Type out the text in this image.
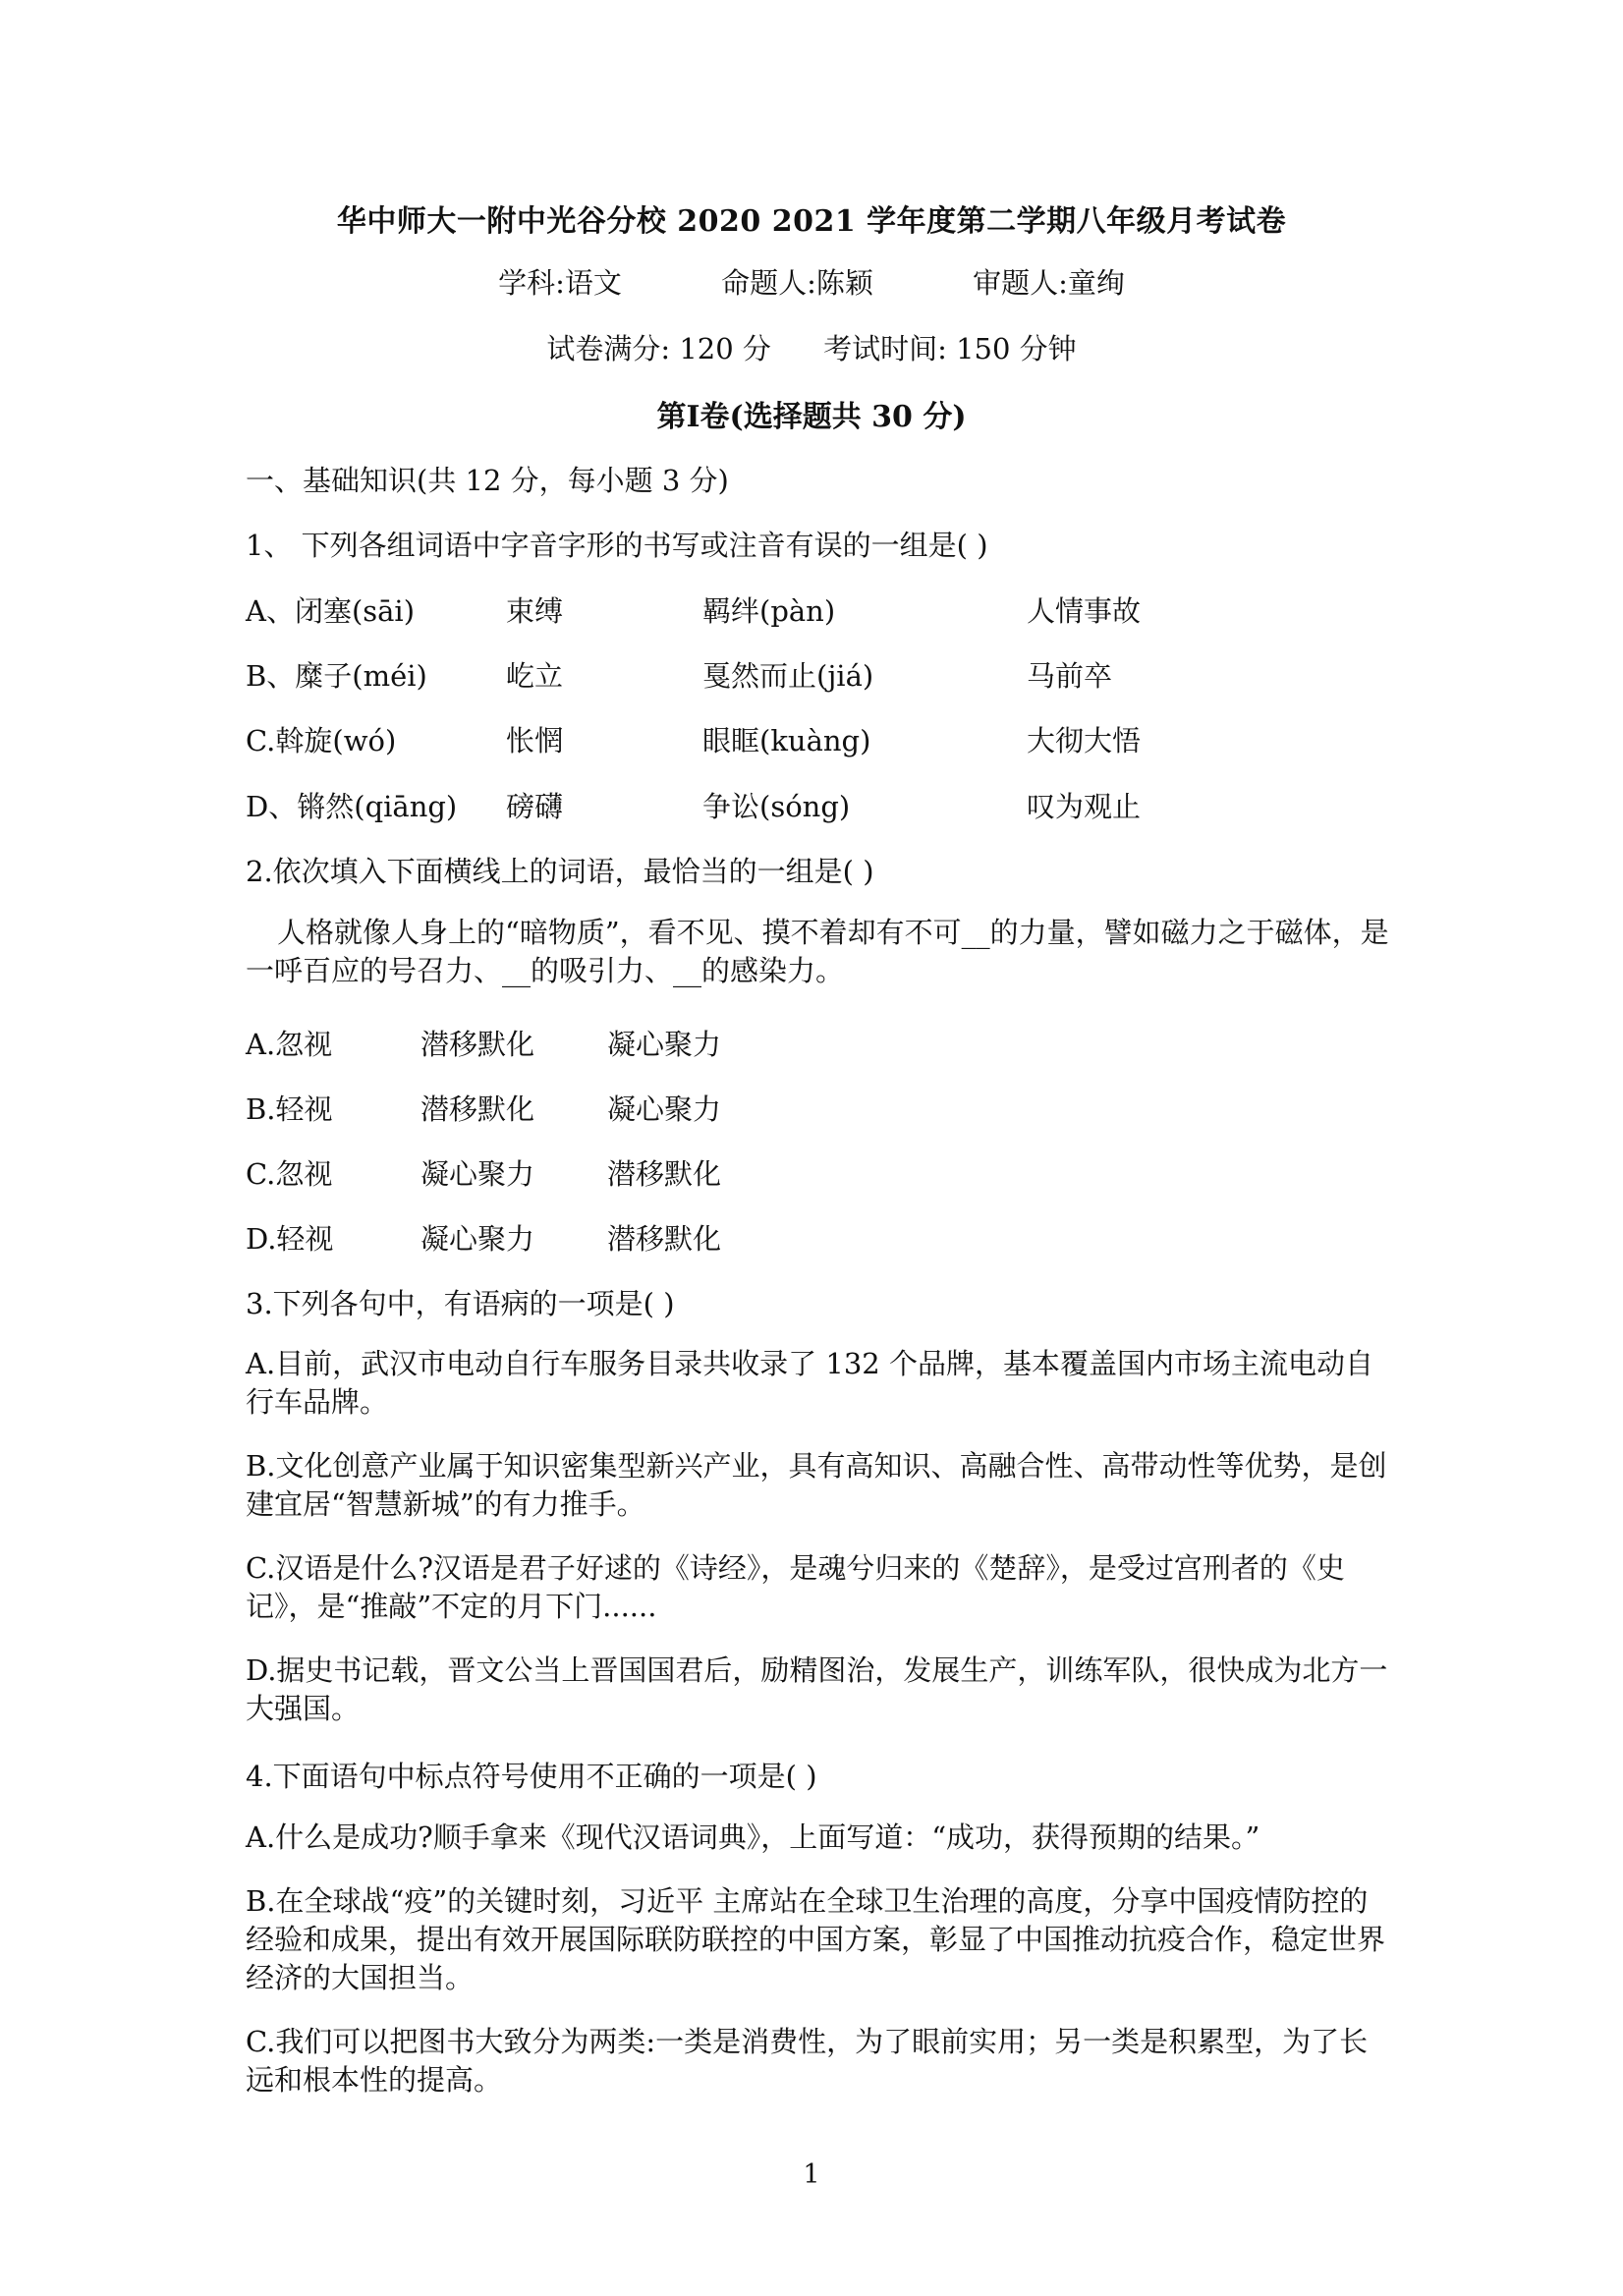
华中师大一附中光谷分校 2020 2021 学年度第二学期八年级月考试卷
学科:语文	命题人:陈颖	审题人:童绚
试卷满分: 120 分 考试时间: 150 分钟
第Ⅰ卷(选择题共 30 分)
一、基础知识(共 12 分，每小题 3 分)
1、 下列各组词语中字音字形的书写或注音有误的一组是( )
A、闭塞(sāi)	束缚	羁绊(pàn)	人情事故
B、糜子(méi)	屹立	戛然而止(jiá)	马前卒
C.斡旋(wó)	怅惘	眼眶(kuàng)	大彻大悟
D、锵然(qiāng) 磅礴	争讼(sóng)	叹为观止
2.依次填入下面横线上的词语，最恰当的一组是( )
人格就像人身上的“暗物质”，看不见、摸不着却有不可__的力量，譬如磁力之于磁体，是一呼百应的号召力、__的吸引力、__的感染力。
A.忽视	潜移默化	凝心聚力
B.轻视	潜移默化	凝心聚力
C.忽视	凝心聚力	潜移默化
D.轻视	凝心聚力	潜移默化
3.下列各句中，有语病的一项是( )
A.目前，武汉市电动自行车服务目录共收录了 132 个品牌，基本覆盖国内市场主流电动自行车品牌。
B.文化创意产业属于知识密集型新兴产业，具有高知识、高融合性、高带动性等优势，是创建宜居“智慧新城”的有力推手。
C.汉语是什么?汉语是君子好逑的《诗经》，是魂兮归来的《楚辞》，是受过宫刑者的《史记》，是“推敲”不定的月下门......
D.据史书记载，晋文公当上晋国国君后，励精图治，发展生产，训练军队，很快成为北方一大强国。
4.下面语句中标点符号使用不正确的一项是( )
A.什么是成功?顺手拿来《现代汉语词典》，上面写道：“成功，获得预期的结果。”
B.在全球战“疫”的关键时刻，习近平 主席站在全球卫生治理的高度，分享中国疫情防控的经验和成果，提出有效开展国际联防联控的中国方案，彰显了中国推动抗疫合作，稳定世界经济的大国担当。
C.我们可以把图书大致分为两类:一类是消费性，为了眼前实用；另一类是积累型，为了长远和根本性的提高。
1
